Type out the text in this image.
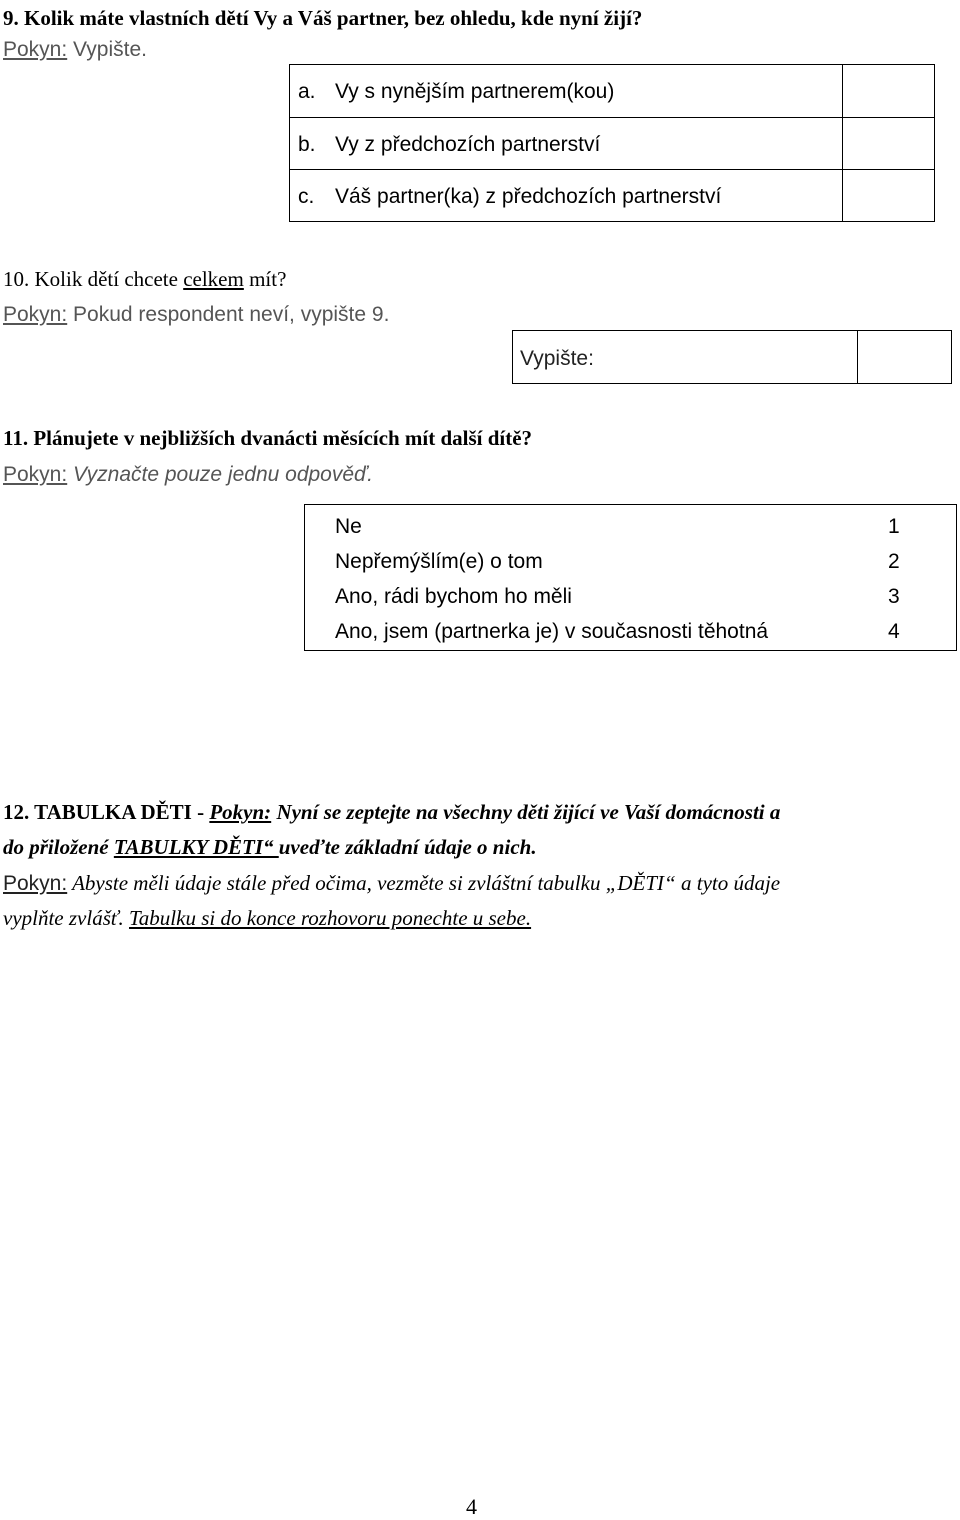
9. Kolik máte vlastních dětí Vy a Váš partner, bez ohledu, kde nyní žijí?
Pokyn: Vypište.
a. Vy s nynějším partnerem(kou)
b. Vy z předchozích partnerství
c. Váš partner(ka) z předchozích partnerství
10. Kolik dětí chcete celkem mít?
Pokyn: Pokud respondent neví, vypište 9.
Vypište:
11. Plánujete v nejbližších dvanácti měsících mít další dítě?
Pokyn: Vyznačte pouze jednu odpověď.
Ne	1
Nepřemýšlím(e) o tom	2
Ano, rádi bychom ho měli	3
Ano, jsem (partnerka je) v současnosti těhotná	4
12. TABULKA DĚTI - Pokyn: Nyní se zeptejte na všechny děti žijící ve Vaší domácnosti a
do přiložené TABULKY DĚTI“ uveďte základní údaje o nich.
Pokyn: Abyste měli údaje stále před očima, vezměte si zvláštní tabulku „DĚTI“ a tyto údaje
vyplňte zvlášť. Tabulku si do konce rozhovoru ponechte u sebe.
4
